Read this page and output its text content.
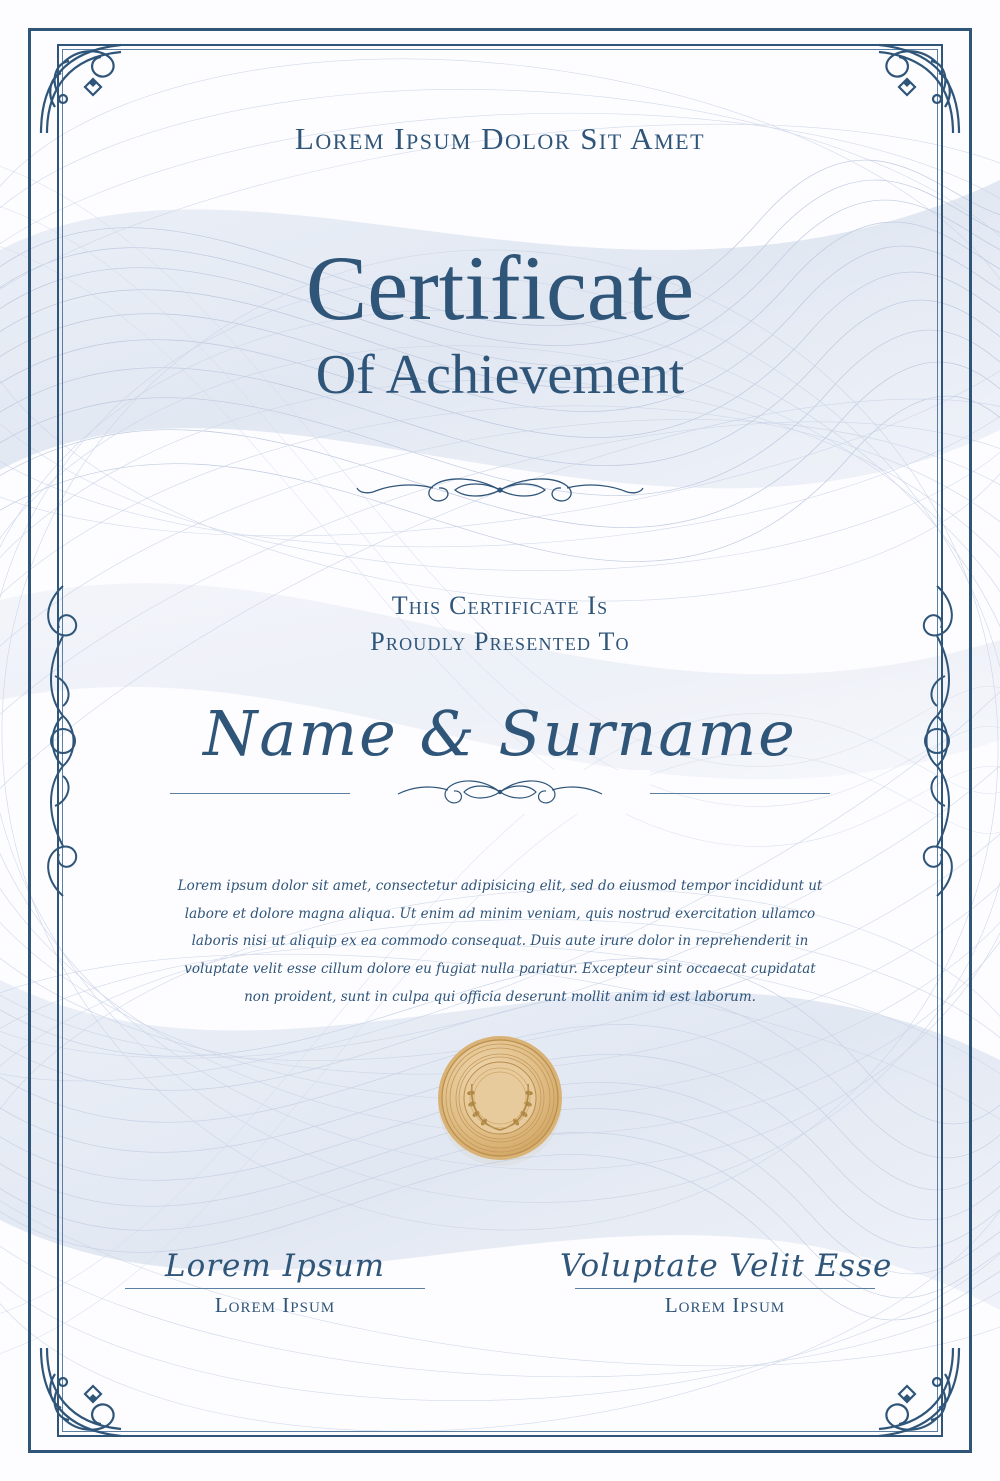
Lorem Ipsum Dolor Sit Amet
Certificate
Of Achievement
This Certificate Is
Proudly Presented To
Name & Surname
Lorem ipsum dolor sit amet, consectetur adipisicing elit, sed do eiusmod tempor incididunt ut labore et dolore magna aliqua. Ut enim ad minim veniam, quis nostrud exercitation ullamco laboris nisi ut aliquip ex ea commodo consequat. Duis aute irure dolor in reprehenderit in voluptate velit esse cillum dolore eu fugiat nulla pariatur. Excepteur sint occaecat cupidatat non proident, sunt in culpa qui officia deserunt mollit anim id est laborum.
Lorem Ipsum
Lorem Ipsum
Voluptate Velit Esse
Lorem Ipsum
